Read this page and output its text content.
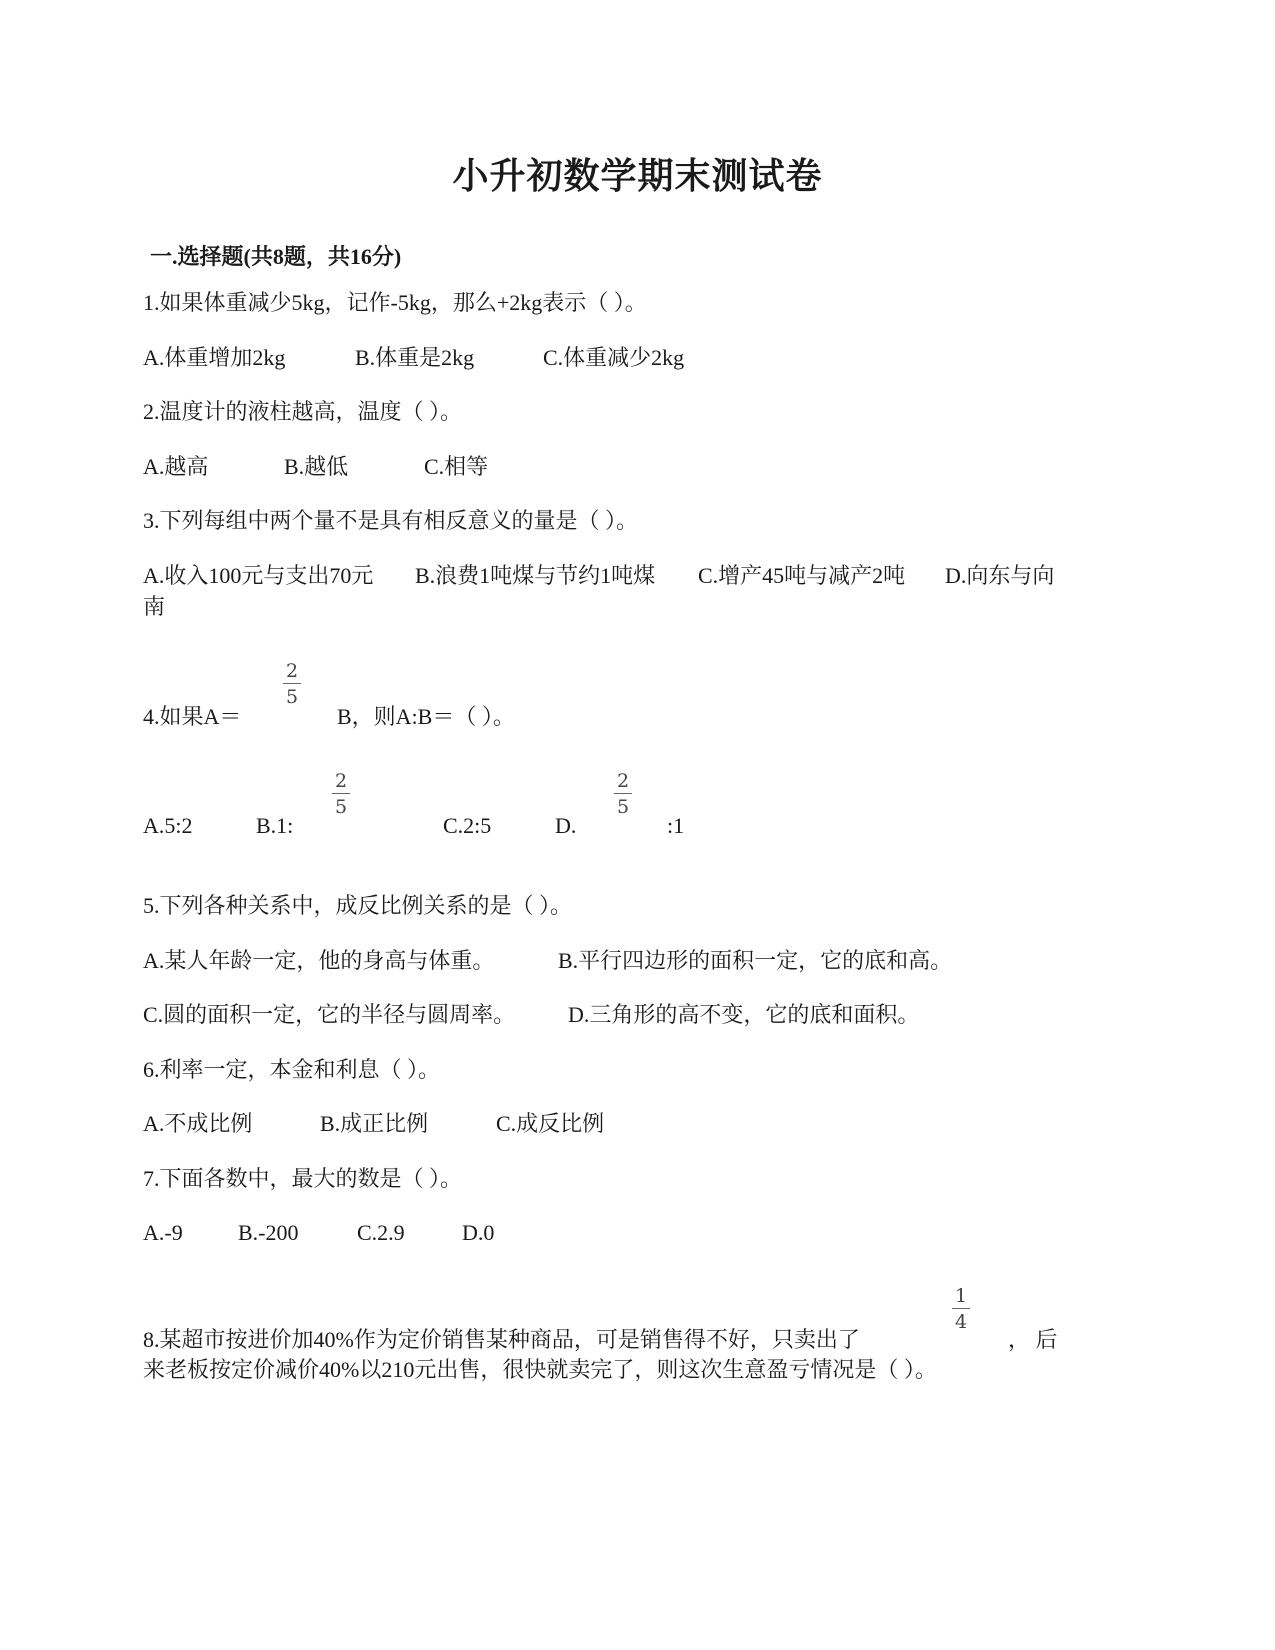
小升初数学期末测试卷
一.选择题(共8题，共16分)
1.如果体重减少5kg，记作-5kg，那么+2kg表示（ ）。
A.体重增加2kg	B.体重是2kg	C.体重减少2kg
2.温度计的液柱越高，温度（ ）。
A.越高	B.越低	C.相等
3.下列每组中两个量不是具有相反意义的量是（ ）。
A.收入100元与支出70元 B.浪费1吨煤与节约1吨煤 C.增产45吨与减产2吨 D.向东与向
南
2
5
4.如果A＝	B，则A:B＝（ ）。
2
5
2
5
A.5:2	B.1:	C.2:5	D.	:1
5.下列各种关系中，成反比例关系的是（ ）。
A.某人年龄一定，他的身高与体重。	B.平行四边形的面积一定，它的底和高。
C.圆的面积一定，它的半径与圆周率。 D.三角形的高不变，它的底和面积。
6.利率一定，本金和利息（ ）。
A.不成比例	B.成正比例	C.成反比例
7.下面各数中，最大的数是（ ）。
A.-9	B.-200	C.2.9	D.0
1
4
8.某超市按进价加40%作为定价销售某种商品，可是销售得不好，只卖出了	， 后
来老板按定价减价40%以210元出售，很快就卖完了，则这次生意盈亏情况是（ ）。
